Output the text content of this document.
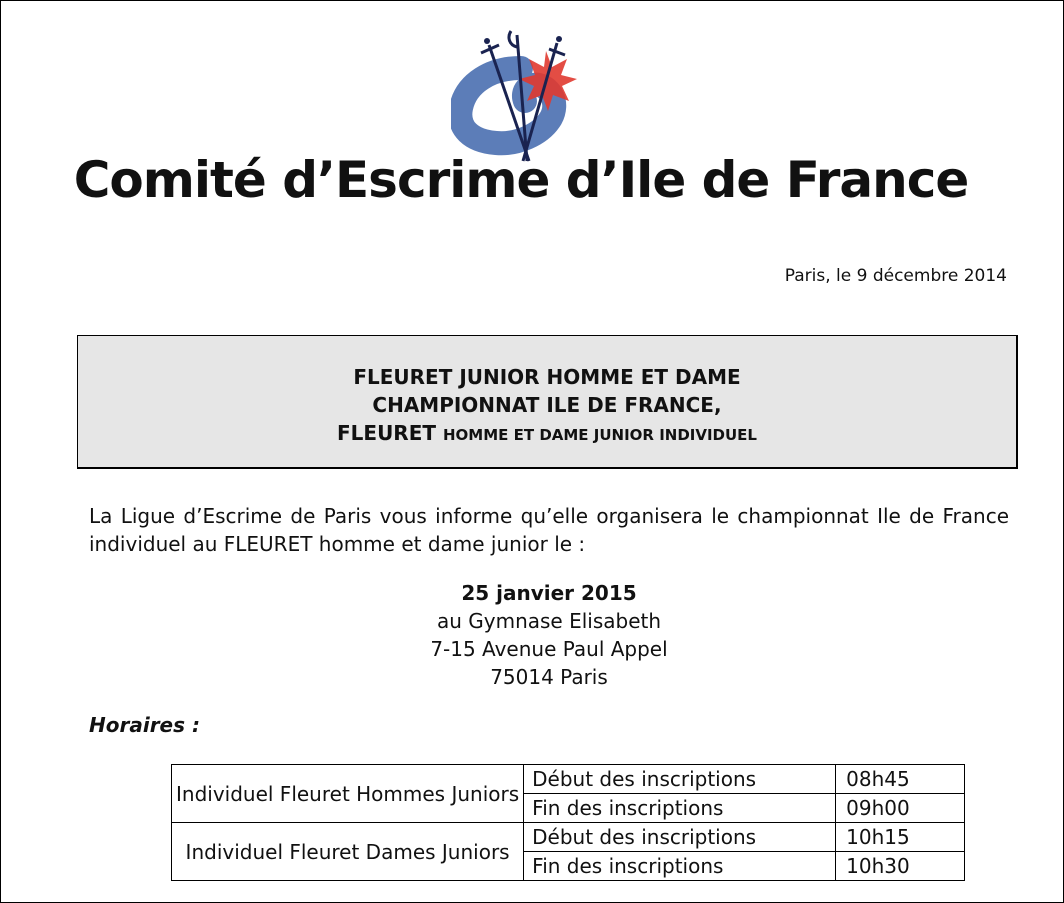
Comité d’Escrime d’Ile de France
Paris, le 9 décembre 2014
FLEURET JUNIOR HOMME ET DAME
CHAMPIONNAT ILE DE FRANCE,
FLEURET HOMME ET DAME JUNIOR INDIVIDUEL
La Ligue d’Escrime de Paris vous informe qu’elle organisera le championnat Ile de France individuel au FLEURET homme et dame junior le :
25 janvier 2015
au Gymnase Elisabeth
7-15 Avenue Paul Appel
75014 Paris
Horaires :
Individuel Fleuret Hommes Juniors	Début des inscriptions	08h45
	Fin des inscriptions	09h00
Individuel Fleuret Dames Juniors	Début des inscriptions	10h15
	Fin des inscriptions	10h30
